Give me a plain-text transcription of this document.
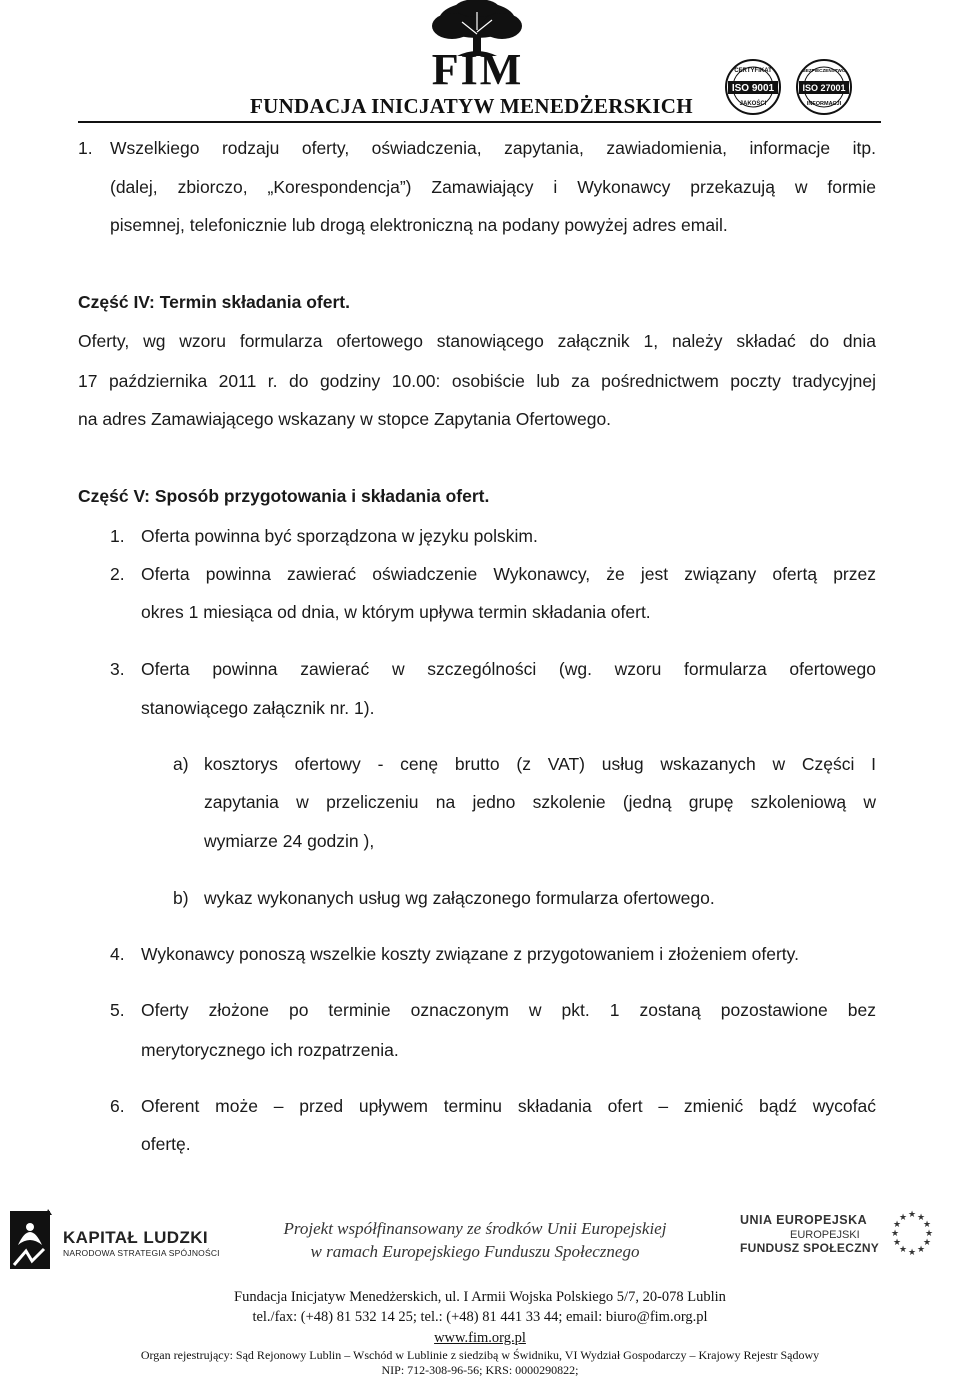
FIM
FUNDACJA INICJATYW MENEDŻERSKICH
CERTYFIKAT
ISO 9001
JAKOŚCI
BEZPIECZEŃSTWO
ISO 27001
INFORMACJI
1. Wszelkiego rodzaju oferty, oświadczenia, zapytania, zawiadomienia, informacje itp.
(dalej, zbiorczo, „Korespondencja”) Zamawiający i Wykonawcy przekazują w formie
pisemnej, telefonicznie lub drogą elektroniczną na podany powyżej adres email.
Część IV: Termin składania ofert.
Oferty, wg wzoru formularza ofertowego stanowiącego załącznik 1, należy składać do dnia
17 października 2011 r. do godziny 10.00: osobiście lub za pośrednictwem poczty tradycyjnej
na adres Zamawiającego wskazany w stopce Zapytania Ofertowego.
Część V: Sposób przygotowania i składania ofert.
1. Oferta powinna być sporządzona w języku polskim.
2. Oferta powinna zawierać oświadczenie Wykonawcy, że jest związany ofertą przez
okres 1 miesiąca od dnia, w którym upływa termin składania ofert.
3. Oferta powinna zawierać w szczególności (wg. wzoru formularza ofertowego
stanowiącego załącznik nr. 1).
a) kosztorys ofertowy - cenę brutto (z VAT) usług wskazanych w Części I
zapytania w przeliczeniu na jedno szkolenie (jedną grupę szkoleniową w
wymiarze 24 godzin ),
b) wykaz wykonanych usług wg załączonego formularza ofertowego.
4. Wykonawcy ponoszą wszelkie koszty związane z przygotowaniem i złożeniem oferty.
5. Oferty złożone po terminie oznaczonym w pkt. 1 zostaną pozostawione bez
merytorycznego ich rozpatrzenia.
6. Oferent może – przed upływem terminu składania ofert – zmienić bądź wycofać
ofertę.
KAPITAŁ LUDZKI
NARODOWA STRATEGIA SPÓJNOŚCI
Projekt współfinansowany ze środków Unii Europejskiej
w ramach Europejskiego Funduszu Społecznego
UNIA EUROPEJSKA
EUROPEJSKI
FUNDUSZ SPOŁECZNY
★ ★
★
★
★
★
★
★
★
★
★
★
Fundacja Inicjatyw Menedżerskich, ul. I Armii Wojska Polskiego 5/7, 20-078 Lublin
tel./fax: (+48) 81 532 14 25; tel.: (+48) 81 441 33 44; email: biuro@fim.org.pl
www.fim.org.pl
Organ rejestrujący: Sąd Rejonowy Lublin – Wschód w Lublinie z siedzibą w Świdniku, VI Wydział Gospodarczy – Krajowy Rejestr Sądowy
NIP: 712-308-96-56; KRS: 0000290822;
